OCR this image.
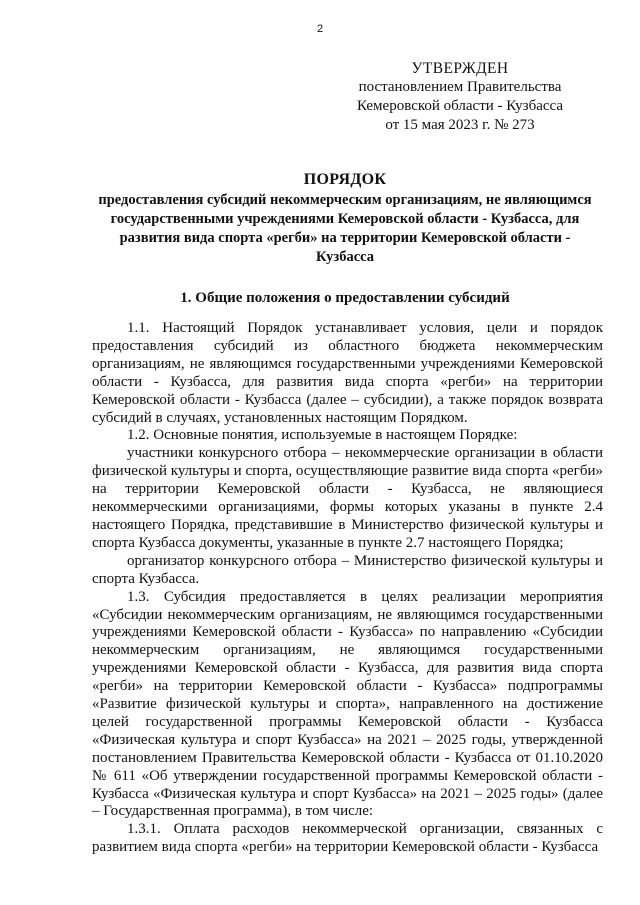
2
УТВЕРЖДЕН
постановлением Правительства
Кемеровской области - Кузбасса
от 15 мая 2023 г. № 273
ПОРЯДОК
предоставления субсидий некоммерческим организациям, не являющимся государственными учреждениями Кемеровской области - Кузбасса, для развития вида спорта «регби» на территории Кемеровской области - Кузбасса
1. Общие положения о предоставлении субсидий

1.1. Настоящий Порядок устанавливает условия, цели и порядок предоставления субсидий из областного бюджета некоммерческим организациям, не являющимся государственными учреждениями Кемеровской области - Кузбасса, для развития вида спорта «регби» на территории Кемеровской области - Кузбасса (далее – субсидии), а также порядок возврата субсидий в случаях, установленных настоящим Порядком.

1.2. Основные понятия, используемые в настоящем Порядке:

участники конкурсного отбора – некоммерческие организации в области физической культуры и спорта, осуществляющие развитие вида спорта «регби» на территории Кемеровской области - Кузбасса, не являющиеся некоммерческими организациями, формы которых указаны в пункте 2.4 настоящего Порядка, представившие в Министерство физической культуры и спорта Кузбасса документы, указанные в пункте 2.7 настоящего Порядка;

организатор конкурсного отбора – Министерство физической культуры и спорта Кузбасса.

1.3. Субсидия предоставляется в целях реализации мероприятия «Субсидии некоммерческим организациям, не являющимся государственными учреждениями Кемеровской области - Кузбасса» по направлению «Субсидии некоммерческим организациям, не являющимся государственными учреждениями Кемеровской области - Кузбасса, для развития вида спорта «регби» на территории Кемеровской области - Кузбасса» подпрограммы «Развитие физической культуры и спорта», направленного на достижение целей государственной программы Кемеровской области - Кузбасса «Физическая культура и спорт Кузбасса» на 2021 – 2025 годы, утвержденной постановлением Правительства Кемеровской области - Кузбасса от 01.10.2020 № 611 «Об утверждении государственной программы Кемеровской области - Кузбасса «Физическая культура и спорт Кузбасса» на 2021 – 2025 годы» (далее – Государственная программа), в том числе:

1.3.1. Оплата расходов некоммерческой организации, связанных с развитием вида спорта «регби» на территории Кемеровской области - Кузбасса
